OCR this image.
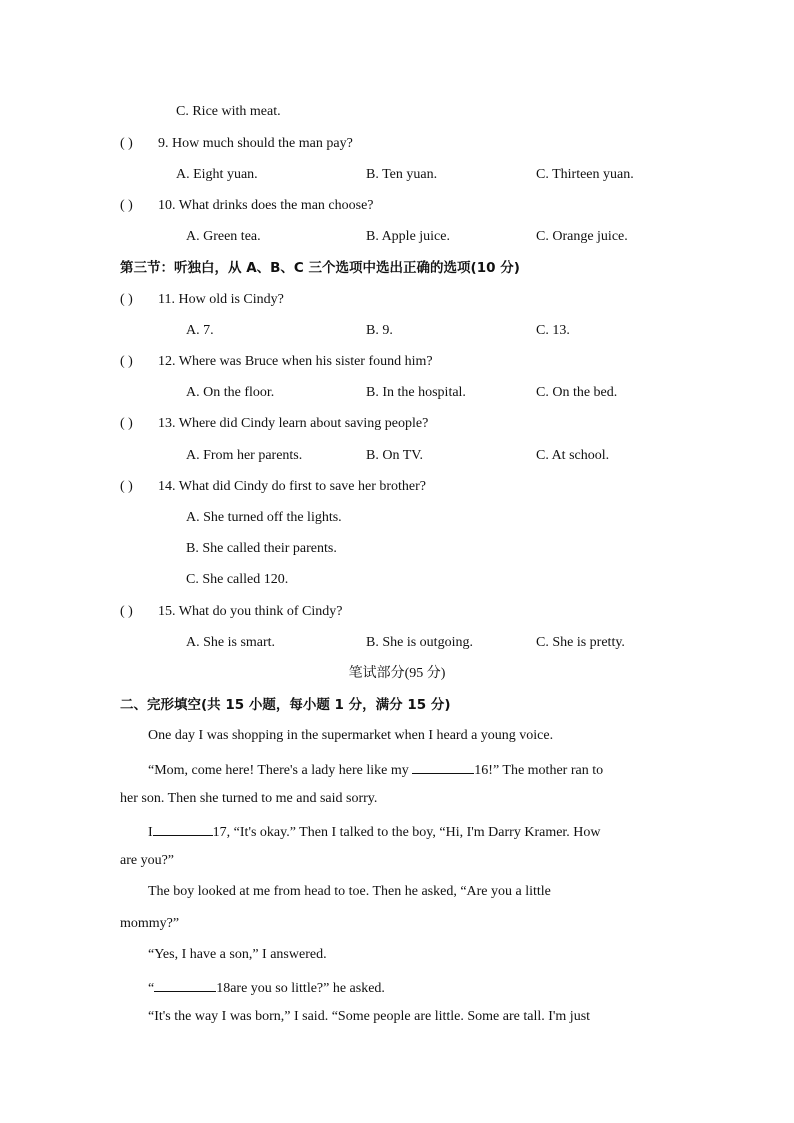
C. Rice with meat.
( ) 9. How much should the man pay?
A. Eight yuan.	B. Ten yuan.	C. Thirteen yuan.
( ) 10. What drinks does the man choose?
A. Green tea.	B. Apple juice.	C. Orange juice.
第三节：听独白，从 A、B、C 三个选项中选出正确的选项(10 分)
( ) 11. How old is Cindy?
A. 7.	B. 9.	C. 13.
( ) 12. Where was Bruce when his sister found him?
A. On the floor.	B. In the hospital.	C. On the bed.
( ) 13. Where did Cindy learn about saving people?
A. From her parents.	B. On TV.	C. At school.
( ) 14. What did Cindy do first to save her brother?
A. She turned off the lights.
B. She called their parents.
C. She called 120.
( ) 15. What do you think of Cindy?
A. She is smart.	B. She is outgoing.	C. She is pretty.
笔试部分(95 分)
二、完形填空(共 15 小题，每小题 1 分，满分 15 分)
One day I was shopping in the supermarket when I heard a young voice.
“Mom, come here! There's a lady here like my	16!” The mother ran to
her son. Then she turned to me and said sorry.
I	17, “It's okay.” Then I talked to the boy, “Hi, I'm Darry Kramer. How
are you?”
The boy looked at me from head to toe. Then he asked, “Are you a little
mommy?”
“Yes, I have a son,” I answered.
“	18are you so little?” he asked.
“It's the way I was born,” I said. “Some people are little. Some are tall. I'm just
